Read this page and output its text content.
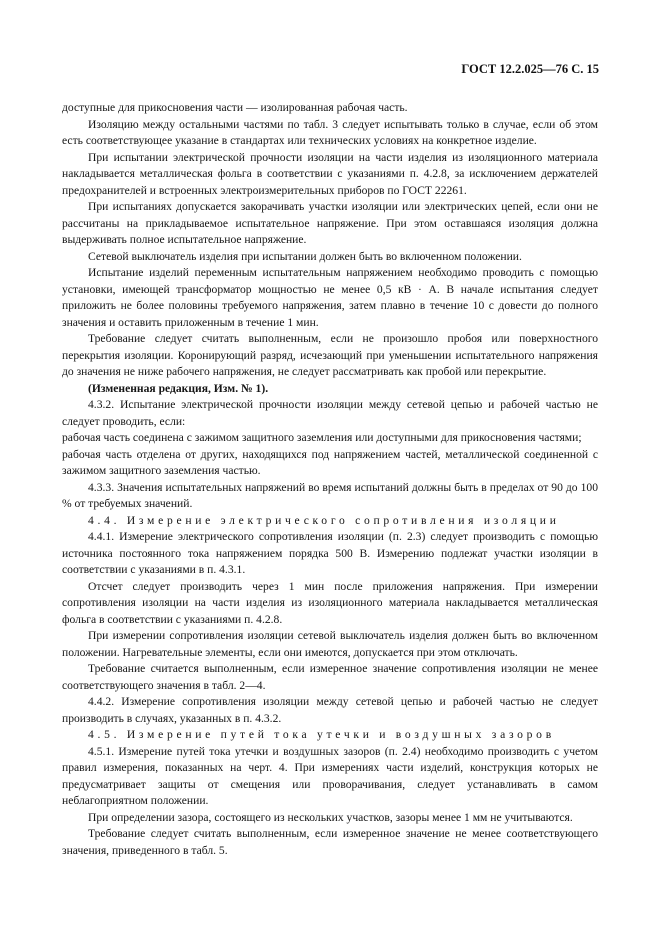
ГОСТ 12.2.025—76 С. 15

доступные для прикосновения части — изолированная рабочая часть.

Изоляцию между остальными частями по табл. 3 следует испытывать только в случае, если об этом есть соответствующее указание в стандартах или технических условиях на конкретное изделие.

При испытании электрической прочности изоляции на части изделия из изоляционного материала накладывается металлическая фольга в соответствии с указаниями п. 4.2.8, за исключением держателей предохранителей и встроенных электроизмерительных приборов по ГОСТ 22261.

При испытаниях допускается закорачивать участки изоляции или электрических цепей, если они не рассчитаны на прикладываемое испытательное напряжение. При этом оставшаяся изоляция должна выдерживать полное испытательное напряжение.

Сетевой выключатель изделия при испытании должен быть во включенном положении.

Испытание изделий переменным испытательным напряжением необходимо проводить с помощью установки, имеющей трансформатор мощностью не менее 0,5 кВ · А. В начале испытания следует приложить не более половины требуемого напряжения, затем плавно в течение 10 с довести до полного значения и оставить приложенным в течение 1 мин.

Требование следует считать выполненным, если не произошло пробоя или поверхностного перекрытия изоляции. Коронирующий разряд, исчезающий при уменьшении испытательного напряжения до значения не ниже рабочего напряжения, не следует рассматривать как пробой или перекрытие.

(Измененная редакция, Изм. № 1).

4.3.2. Испытание электрической прочности изоляции между сетевой цепью и рабочей частью не следует проводить, если:

рабочая часть соединена с зажимом защитного заземления или доступными для прикосновения частями;

рабочая часть отделена от других, находящихся под напряжением частей, металлической соединенной с зажимом защитного заземления частью.

4.3.3. Значения испытательных напряжений во время испытаний должны быть в пределах от 90 до 100 % от требуемых значений.

4.4. Измерение электрического сопротивления изоляции

4.4.1. Измерение электрического сопротивления изоляции (п. 2.3) следует производить с помощью источника постоянного тока напряжением порядка 500 В. Измерению подлежат участки изоляции в соответствии с указаниями в п. 4.3.1.

Отсчет следует производить через 1 мин после приложения напряжения. При измерении сопротивления изоляции на части изделия из изоляционного материала накладывается металлическая фольга в соответствии с указаниями п. 4.2.8.

При измерении сопротивления изоляции сетевой выключатель изделия должен быть во включенном положении. Нагревательные элементы, если они имеются, допускается при этом отключать.

Требование считается выполненным, если измеренное значение сопротивления изоляции не менее соответствующего значения в табл. 2—4.

4.4.2. Измерение сопротивления изоляции между сетевой цепью и рабочей частью не следует производить в случаях, указанных в п. 4.3.2.

4.5. Измерение путей тока утечки и воздушных зазоров

4.5.1. Измерение путей тока утечки и воздушных зазоров (п. 2.4) необходимо производить с учетом правил измерения, показанных на черт. 4. При измерениях части изделий, конструкция которых не предусматривает защиты от смещения или проворачивания, следует устанавливать в самом неблагоприятном положении.

При определении зазора, состоящего из нескольких участков, зазоры менее 1 мм не учитываются.

Требование следует считать выполненным, если измеренное значение не менее соответствующего значения, приведенного в табл. 5.
